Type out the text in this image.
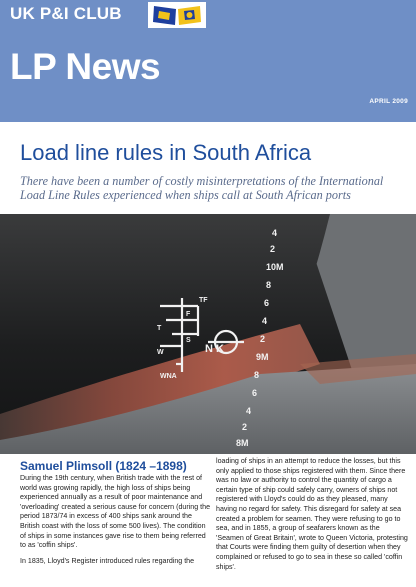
UK P&I CLUB
LP News
APRIL 2009
Load line rules in South Africa
There have been a number of costly misinterpretations of the International Load Line Rules experienced when ships call at South African ports
TF
F
T
S
W
WNA
N K
4
2
10M
8
6
4
2
9M
8
6
4
2
8M
Samuel Plimsoll (1824 –1898)

During the 19th century, when British trade with the rest of world was growing rapidly, the high loss of ships being experienced annually as a result of poor maintenance and 'overloading' created a serious cause for concern (during the period 1873/74 in excess of 400 ships sank around the British coast with the loss of some 500 lives). The condition of ships in some instances gave rise to them being referred to as 'coffin ships'.

In 1835, Lloyd's Register introduced rules regarding the

loading of ships in an attempt to reduce the losses, but this only applied to those ships registered with them. Since there was no law or authority to control the quantity of cargo a certain type of ship could safely carry, owners of ships not registered with Lloyd's could do as they pleased, many having no regard for safety. This disregard for safety at sea created a problem for seamen. They were refusing to go to sea, and in 1855, a group of seafarers known as the 'Seamen of Great Britain', wrote to Queen Victoria, protesting that Courts were finding them guilty of desertion when they complained or refused to go to sea in these so called 'coffin ships'.
